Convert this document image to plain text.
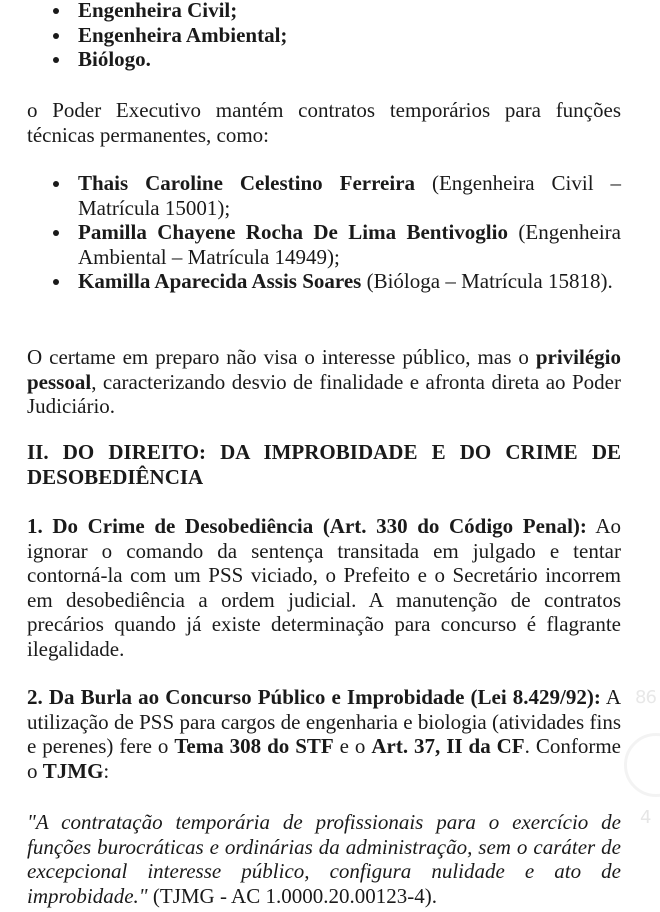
Engenheira Civil;
Engenheira Ambiental;
Biólogo.

o Poder Executivo mantém contratos temporários para funções técnicas permanentes, como:

Thais Caroline Celestino Ferreira (Engenheira Civil – Matrícula 15001);
Pamilla Chayene Rocha De Lima Bentivoglio (Engenheira Ambiental – Matrícula 14949);
Kamilla Aparecida Assis Soares (Bióloga – Matrícula 15818).

O certame em preparo não visa o interesse público, mas o privilégio pessoal, caracterizando desvio de finalidade e afronta direta ao Poder Judiciário.

II. DO DIREITO: DA IMPROBIDADE E DO CRIME DE DESOBEDIÊNCIA

1. Do Crime de Desobediência (Art. 330 do Código Penal): Ao ignorar o comando da sentença transitada em julgado e tentar contorná-la com um PSS viciado, o Prefeito e o Secretário incorrem em desobediência a ordem judicial. A manutenção de contratos precários quando já existe determinação para concurso é flagrante ilegalidade.

2. Da Burla ao Concurso Público e Improbidade (Lei 8.429/92): A utilização de PSS para cargos de engenharia e biologia (atividades fins e perenes) fere o Tema 308 do STF e o Art. 37, II da CF. Conforme o TJMG:

"A contratação temporária de profissionais para o exercício de funções burocráticas e ordinárias da administração, sem o caráter de excepcional interesse público, configura nulidade e ato de improbidade." (TJMG - AC 1.0000.20.00123-4).

86
4
